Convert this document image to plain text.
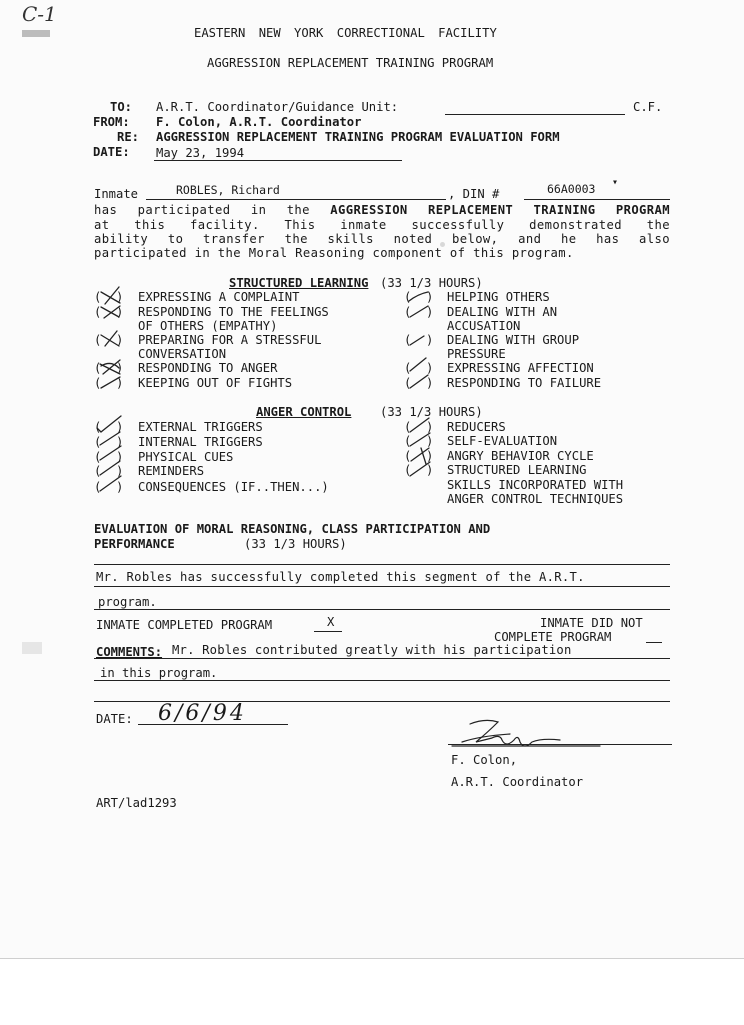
C-1
EASTERN NEW YORK CORRECTIONAL FACILITY
AGGRESSION REPLACEMENT TRAINING PROGRAM
TO: A.R.T. Coordinator/Guidance Unit:	C.F.
FROM: F. Colon, A.R.T. Coordinator
RE: AGGRESSION REPLACEMENT TRAINING PROGRAM EVALUATION FORM
DATE: May 23, 1994
Inmate	ROBLES, Richard	, DIN #	66A0003 ▾
has participated in the AGGRESSION REPLACEMENT TRAINING PROGRAM
at this facility. This inmate successfully demonstrated the
ability to transfer the skills noted below, and he has also
participated in the Moral Reasoning component of this program.
STRUCTURED LEARNING (33 1/3 HOURS)
(  ) EXPRESSING A COMPLAINT
(  ) RESPONDING TO THE FEELINGS
OF OTHERS (EMPATHY)
(  ) PREPARING FOR A STRESSFUL
CONVERSATION
(  ) RESPONDING TO ANGER
(  ) KEEPING OUT OF FIGHTS
(  ) HELPING OTHERS
(  ) DEALING WITH AN
ACCUSATION
(  ) DEALING WITH GROUP
PRESSURE
(  ) EXPRESSING AFFECTION
(  ) RESPONDING TO FAILURE
ANGER CONTROL (33 1/3 HOURS)
(  ) EXTERNAL TRIGGERS
(  ) INTERNAL TRIGGERS
(  ) PHYSICAL CUES
(  ) REMINDERS
(  ) CONSEQUENCES (IF..THEN...)
(  ) REDUCERS
(  ) SELF-EVALUATION
(  ) ANGRY BEHAVIOR CYCLE
(  ) STRUCTURED LEARNING
SKILLS INCORPORATED WITH
ANGER CONTROL TECHNIQUES
EVALUATION OF MORAL REASONING, CLASS PARTICIPATION AND
PERFORMANCE	(33 1/3 HOURS)
Mr. Robles has successfully completed this segment of the A.R.T.
program.
INMATE COMPLETED PROGRAM	X	INMATE DID NOT
COMPLETE PROGRAM
COMMENTS: Mr. Robles contributed greatly with his participation
in this program.
DATE: 6/6/94
F. Colon,
A.R.T. Coordinator
ART/lad1293
